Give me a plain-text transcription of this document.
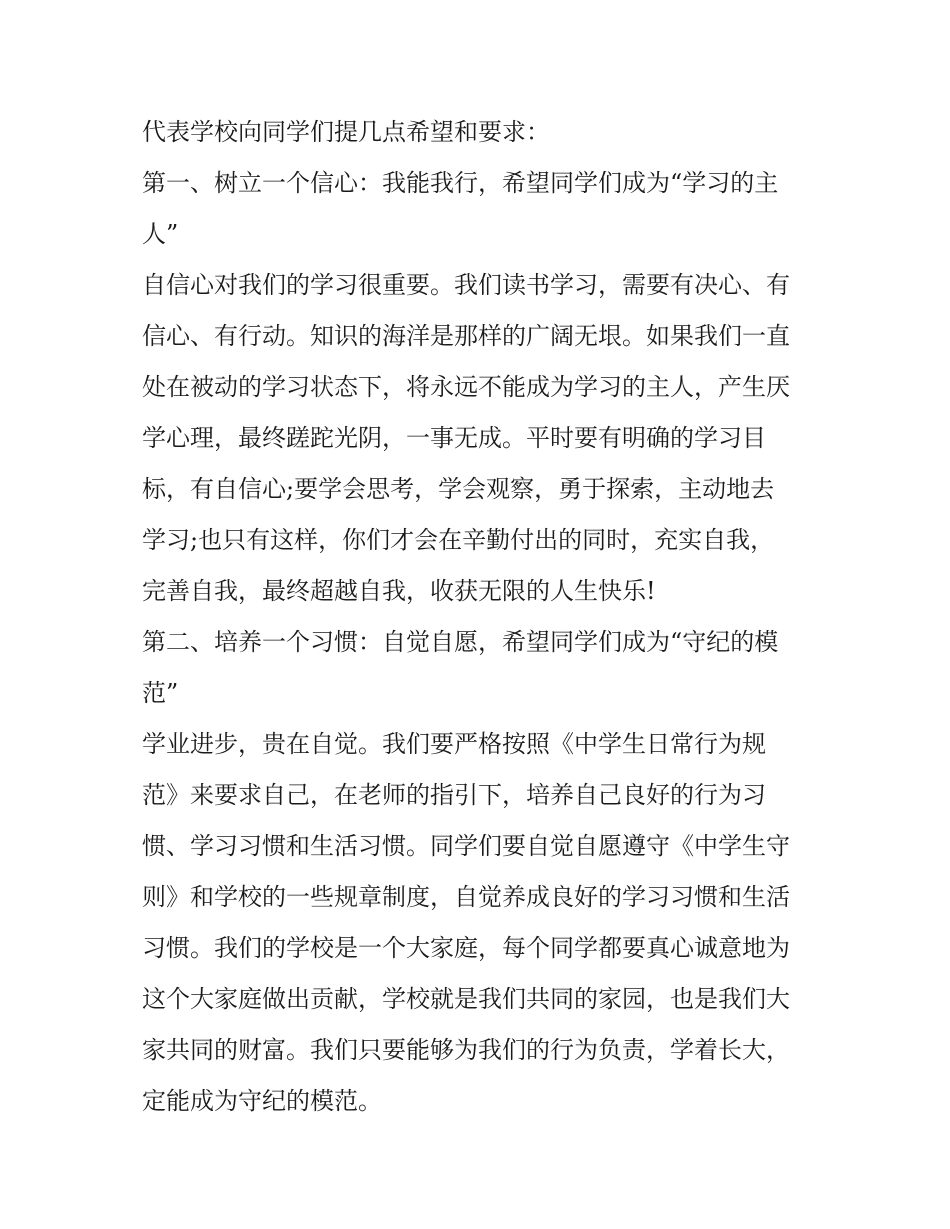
代表学校向同学们提几点希望和要求：
第一、树立一个信心：我能我行，希望同学们成为“学习的主
人”
自信心对我们的学习很重要。我们读书学习，需要有决心、有
信心、有行动。知识的海洋是那样的广阔无垠。如果我们一直
处在被动的学习状态下，将永远不能成为学习的主人，产生厌
学心理，最终蹉跎光阴，一事无成。平时要有明确的学习目
标，有自信心;要学会思考，学会观察，勇于探索，主动地去
学习;也只有这样，你们才会在辛勤付出的同时，充实自我，
完善自我，最终超越自我，收获无限的人生快乐!
第二、培养一个习惯：自觉自愿，希望同学们成为“守纪的模
范”
学业进步，贵在自觉。我们要严格按照《中学生日常行为规
范》来要求自己，在老师的指引下，培养自己良好的行为习
惯、学习习惯和生活习惯。同学们要自觉自愿遵守《中学生守
则》和学校的一些规章制度，自觉养成良好的学习习惯和生活
习惯。我们的学校是一个大家庭，每个同学都要真心诚意地为
这个大家庭做出贡献，学校就是我们共同的家园，也是我们大
家共同的财富。我们只要能够为我们的行为负责，学着长大，
定能成为守纪的模范。
